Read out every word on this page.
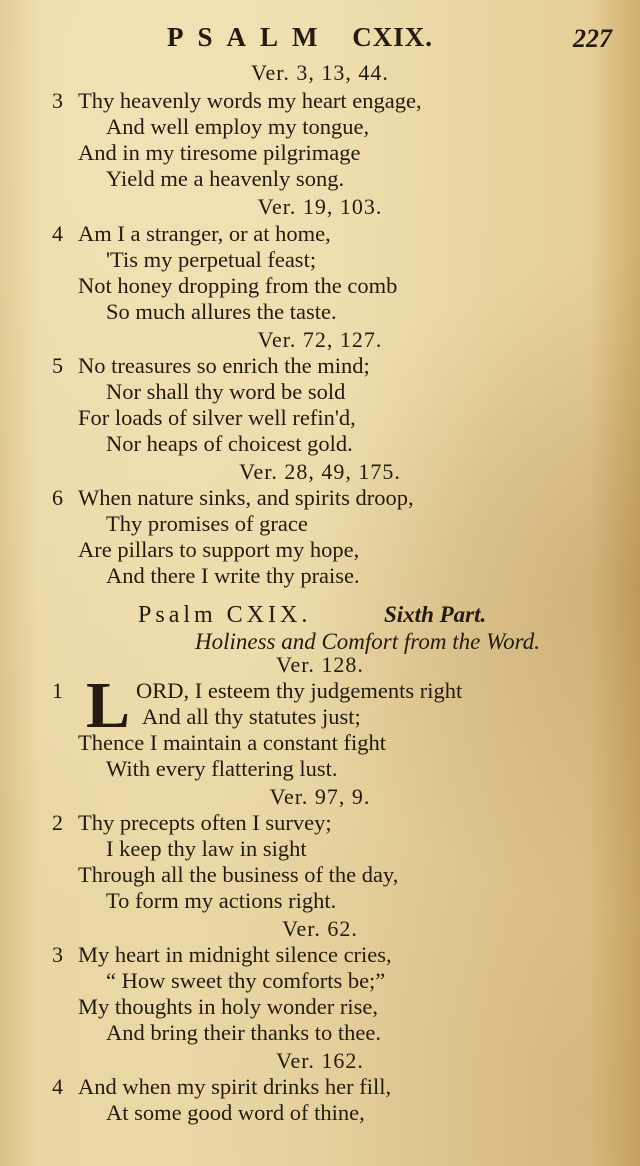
PSALM CXIX.	227
Ver. 3, 13, 44.
3 Thy heavenly words my heart engage,
And well employ my tongue,
And in my tiresome pilgrimage
Yield me a heavenly song.
Ver. 19, 103.
4 Am I a stranger, or at home,
'Tis my perpetual feast;
Not honey dropping from the comb
So much allures the taste.
Ver. 72, 127.
5 No treasures so enrich the mind;
Nor shall thy word be sold
For loads of silver well refin'd,
Nor heaps of choicest gold.
Ver. 28, 49, 175.
6 When nature sinks, and spirits droop,
Thy promises of grace
Are pillars to support my hope,
And there I write thy praise.
Ver. 128.
1	ORD, I esteem thy judgements right
And all thy statutes just;
Thence I maintain a constant fight
With every flattering lust.
Ver. 97, 9.
2 Thy precepts often I survey;
I keep thy law in sight
Through all the business of the day,
To form my actions right.
Ver. 62.
3 My heart in midnight silence cries,
“ How sweet thy comforts be;”
My thoughts in holy wonder rise,
And bring their thanks to thee.
Ver. 162.
4 And when my spirit drinks her fill,
At some good word of thine,
Psalm CXIX.	Sixth Part.
Holiness and Comfort from the Word.
L
